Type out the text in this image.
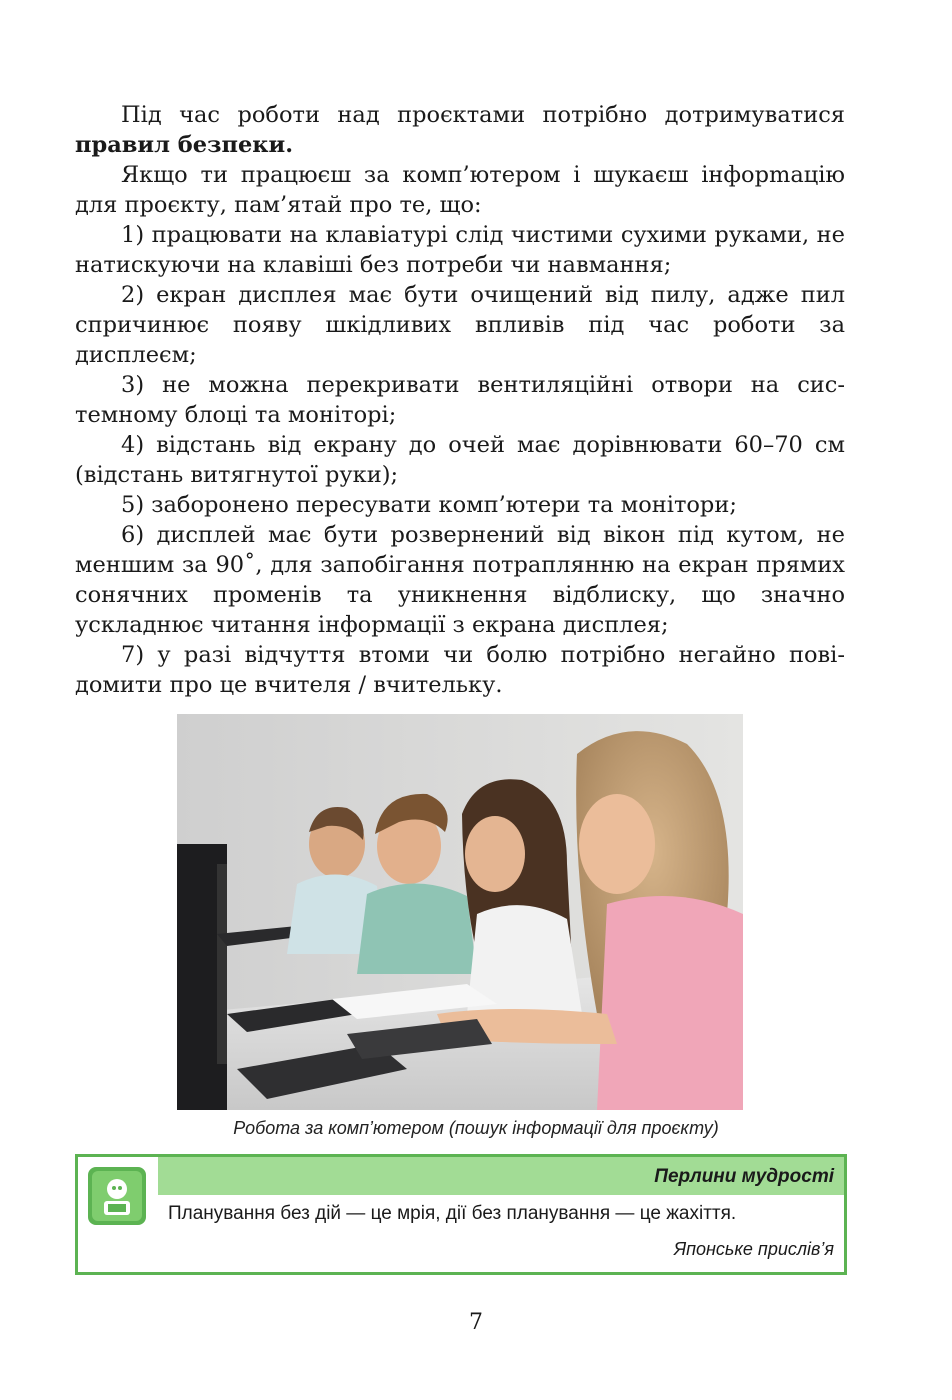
Під час роботи над проєктами потрібно дотримуватися правил безпеки.

Якщо ти працюєш за комп’ютером і шукаєш інфорmацію для проєкту, пам’ятай про те, що:

1) працювати на клавіатурі слід чистими сухими руками, не натискуючи на клавіші без потреби чи навмання;

2) екран дисплея має бути очищений від пилу, адже пил спричинює появу шкідливих впливів під час роботи за дисплеєм;

3) не можна перекривати вентиляційні отвори на системному блоці та моніторі;

4) відстань від екрану до очей має дорівнювати 60–70 см (відстань витягнутої руки);

5) заборонено пересувати комп’ютери та монітори;

6) дисплей має бути розвернений від вікон під кутом, не меншим за 90˚, для запобігання потраплянню на екран прямих сонячних променів та уникнення відблиску, що значно ускладнює читання інформації з екрана дисплея;

7) у разі відчуття втоми чи болю потрібно негайно повідомити про це вчителя / вчительку.

Робота за комп’ютером (пошук інформації для проєкту)
Перлини мудрості
Планування без дій — це мрія, дії без планування — це жахіття.
Японське прислів’я
7
